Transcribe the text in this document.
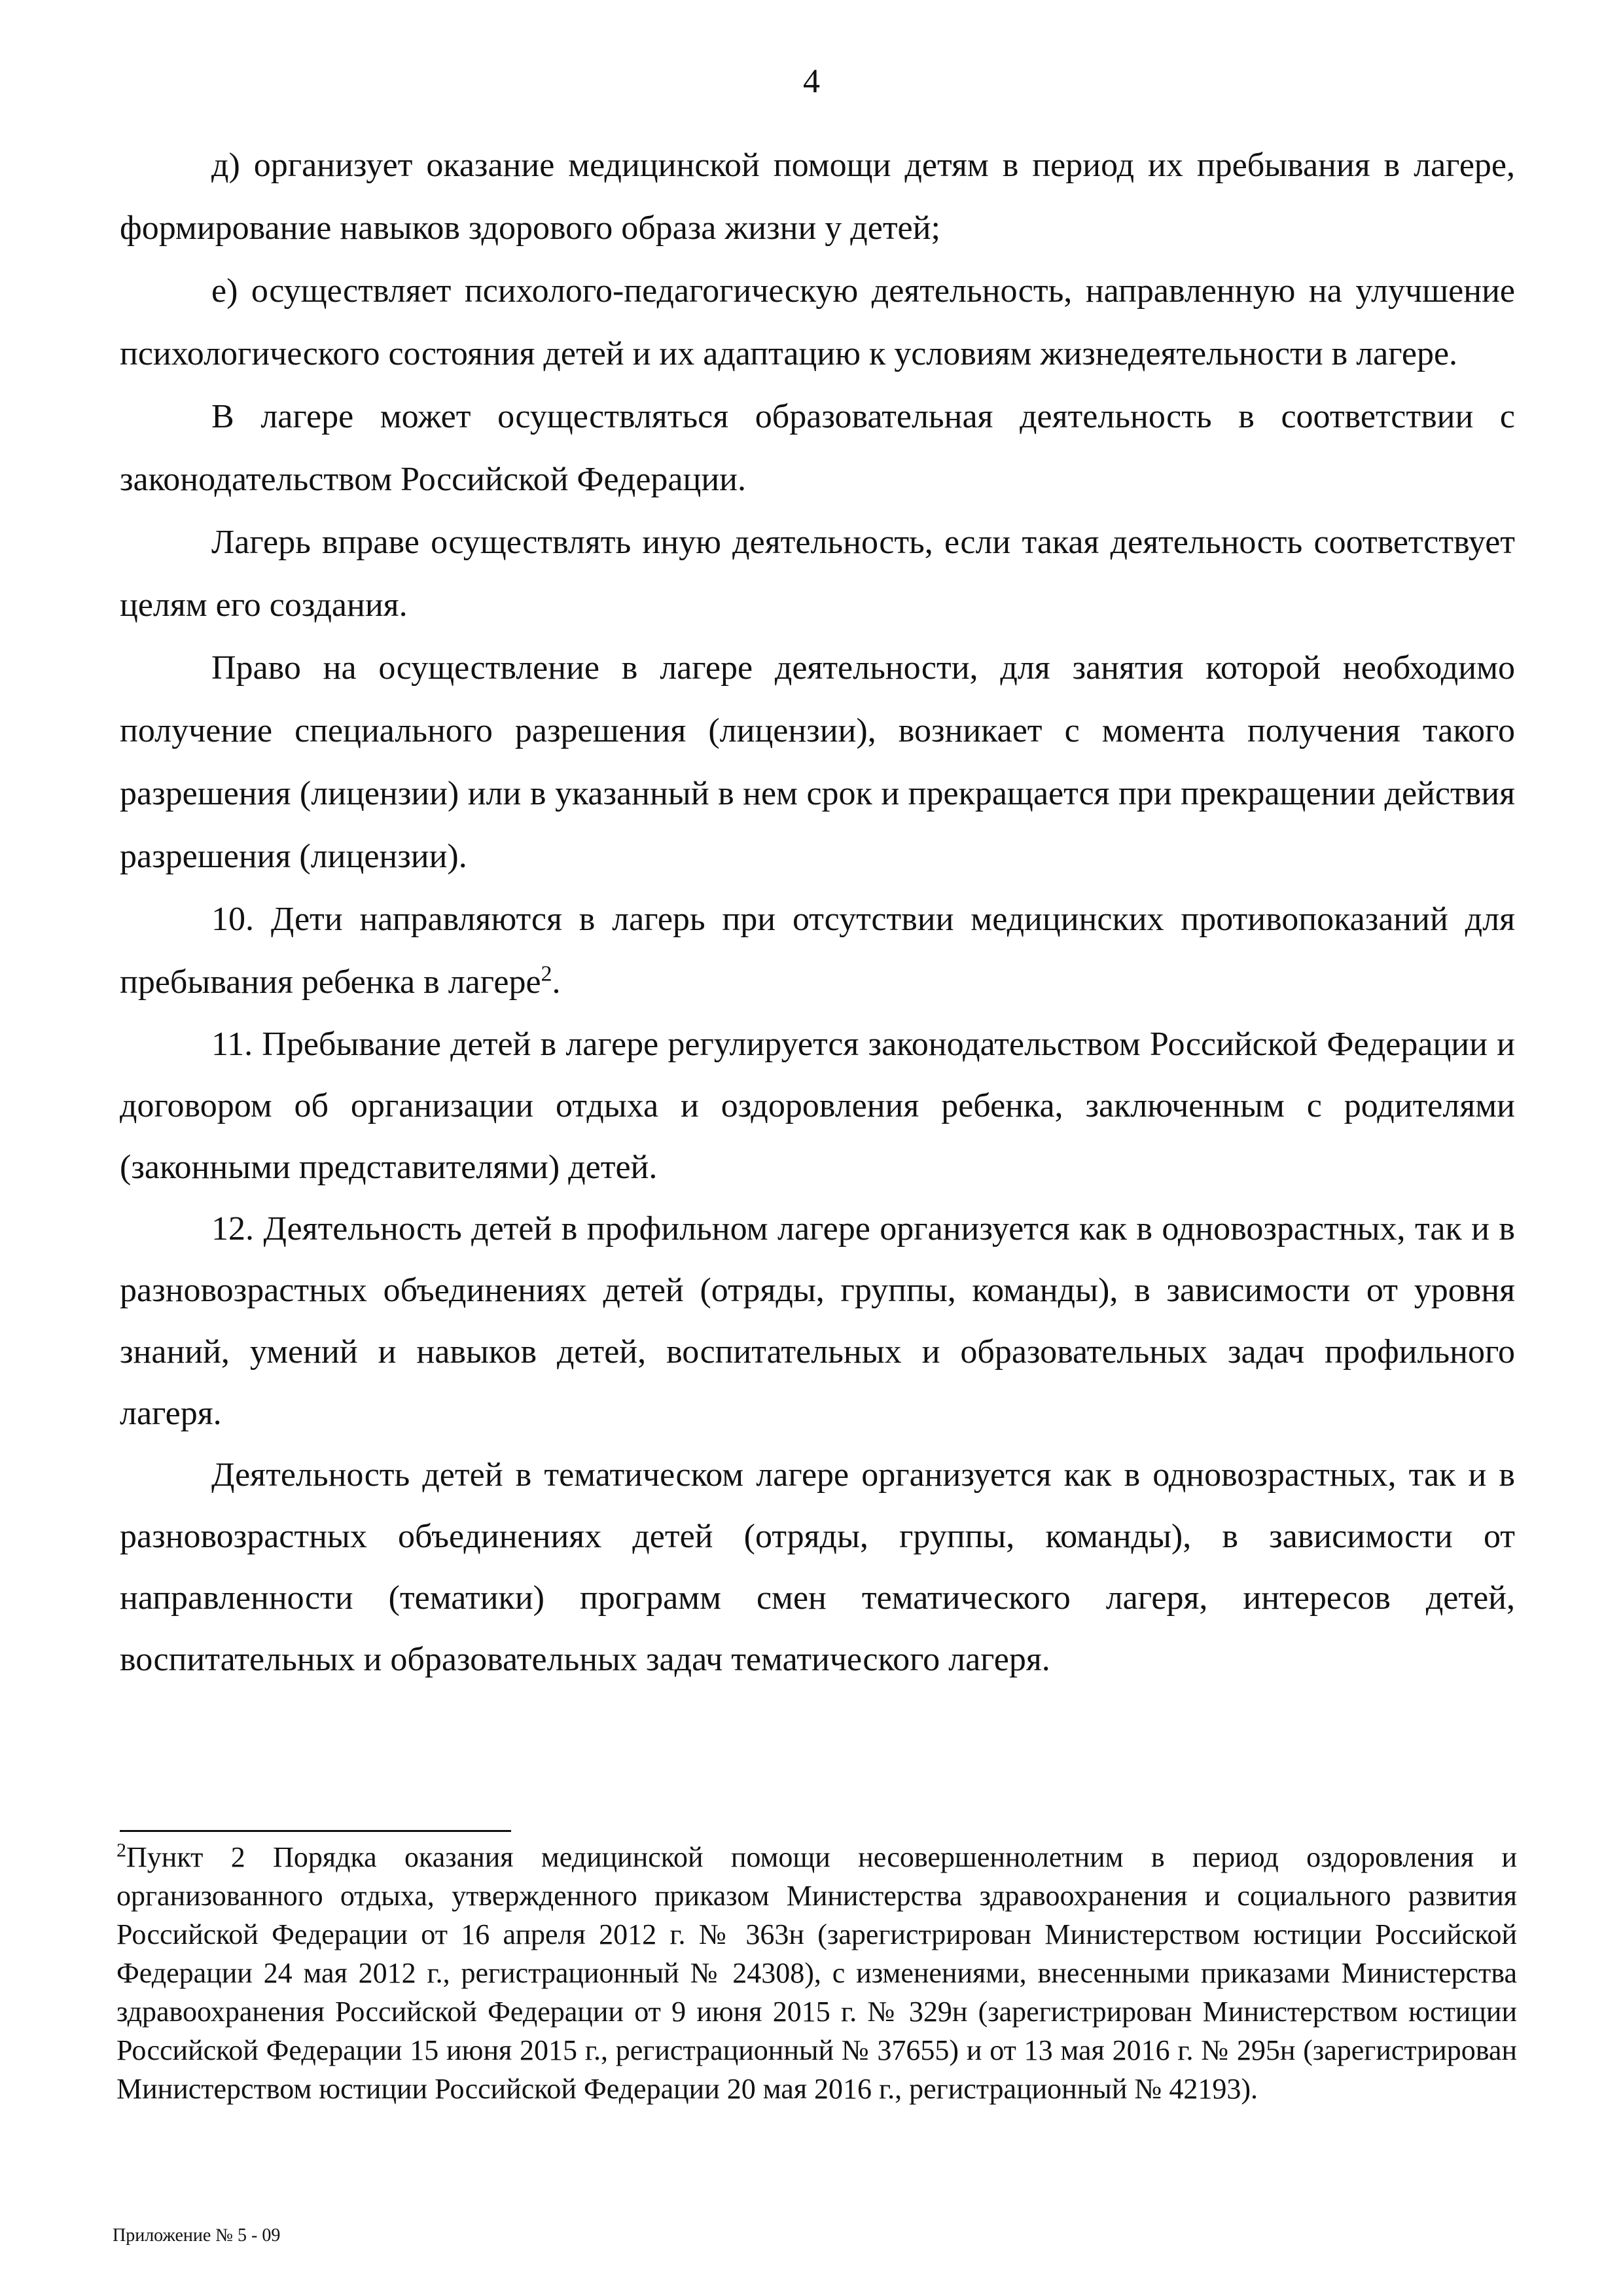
4

д) организует оказание медицинской помощи детям в период их пребывания в лагере, формирование навыков здорового образа жизни у детей;

е) осуществляет психолого-педагогическую деятельность, направленную на улучшение психологического состояния детей и их адаптацию к условиям жизнедеятельности в лагере.

В лагере может осуществляться образовательная деятельность в соответствии с законодательством Российской Федерации.

Лагерь вправе осуществлять иную деятельность, если такая деятельность соответствует целям его создания.

Право на осуществление в лагере деятельности, для занятия которой необходимо получение специального разрешения (лицензии), возникает с момента получения такого разрешения (лицензии) или в указанный в нем срок и прекращается при прекращении действия разрешения (лицензии).

10. Дети направляются в лагерь при отсутствии медицинских противопоказаний для пребывания ребенка в лагере$^2$.

11. Пребывание детей в лагере регулируется законодательством Российской Федерации и договором об организации отдыха и оздоровления ребенка, заключенным с родителями (законными представителями) детей.

12. Деятельность детей в профильном лагере организуется как в одновозрастных, так и в разновозрастных объединениях детей (отряды, группы, команды), в зависимости от уровня знаний, умений и навыков детей, воспитательных и образовательных задач профильного лагеря.

Деятельность детей в тематическом лагере организуется как в одновозрастных, так и в разновозрастных объединениях детей (отряды, группы, команды), в зависимости от направленности (тематики) программ смен тематического лагеря, интересов детей, воспитательных и образовательных задач тематического лагеря.

$^2$Пункт 2 Порядка оказания медицинской помощи несовершеннолетним в период оздоровления и организованного отдыха, утвержденного приказом Министерства здравоохранения и социального развития Российской Федерации от 16 апреля 2012 г. № 363н (зарегистрирован Министерством юстиции Российской Федерации 24 мая 2012 г., регистрационный № 24308), с изменениями, внесенными приказами Министерства здравоохранения Российской Федерации от 9 июня 2015 г. № 329н (зарегистрирован Министерством юстиции Российской Федерации 15 июня 2015 г., регистрационный № 37655) и от 13 мая 2016 г. № 295н (зарегистрирован Министерством юстиции Российской Федерации 20 мая 2016 г., регистрационный № 42193).

Приложение № 5 - 09
